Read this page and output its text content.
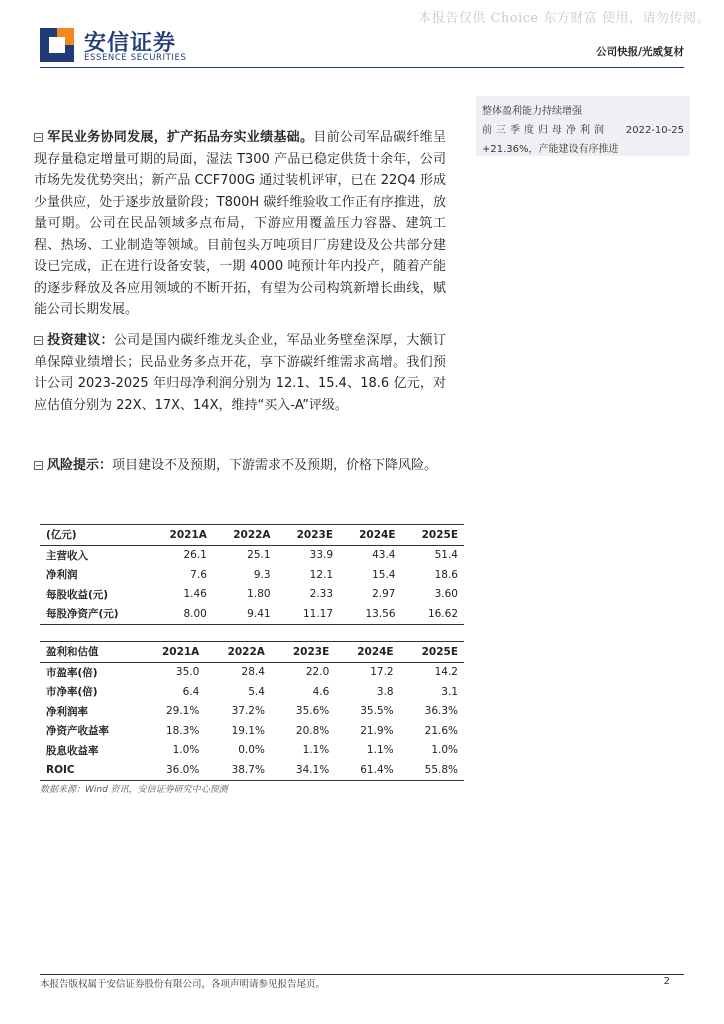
本报告仅供 Choice 东方财富 使用，请勿传阅。
安信证券
ESSENCE SECURITIES	公司快报/光威复材
整体盈利能力持续增强
前三季度归母净利润 2022-10-25
+21.36%，产能建设有序推进

军民业务协同发展，扩产拓品夯实业绩基础。目前公司军品碳纤维呈现存量稳定增量可期的局面，湿法 T300 产品已稳定供货十余年，公司市场先发优势突出；新产品 CCF700G 通过装机评审，已在 22Q4 形成少量供应，处于逐步放量阶段；T800H 碳纤维验收工作正有序推进，放量可期。公司在民品领域多点布局，下游应用覆盖压力容器、建筑工程、热场、工业制造等领域。目前包头万吨项目厂房建设及公共部分建设已完成，正在进行设备安装，一期 4000 吨预计年内投产，随着产能的逐步释放及各应用领域的不断开拓，有望为公司构筑新增长曲线，赋能公司长期发展。

投资建议：公司是国内碳纤维龙头企业，军品业务壁垒深厚，大额订单保障业绩增长；民品业务多点开花，享下游碳纤维需求高增。我们预计公司 2023-2025 年归母净利润分别为 12.1、15.4、18.6 亿元，对应估值分别为 22X、17X、14X，维持“买入-A”评级。

风险提示：项目建设不及预期，下游需求不及预期，价格下降风险。

(亿元)	2021A	2022A	2023E	2024E	2025E
主营收入	26.1	25.1	33.9	43.4	51.4
净利润	7.6	9.3	12.1	15.4	18.6
每股收益(元)	1.46	1.80	2.33	2.97	3.60
每股净资产(元)	8.00	9.41	11.17	13.56	16.62
盈利和估值	2021A	2022A	2023E	2024E	2025E
市盈率(倍)	35.0	28.4	22.0	17.2	14.2
市净率(倍)	6.4	5.4	4.6	3.8	3.1
净利润率	29.1%	37.2%	35.6%	35.5%	36.3%
净资产收益率	18.3%	19.1%	20.8%	21.9%	21.6%
股息收益率	1.0%	0.0%	1.1%	1.1%	1.0%
ROIC	36.0%	38.7%	34.1%	61.4%	55.8%
数据来源：Wind 资讯，安信证券研究中心预测
本报告版权属于安信证券股份有限公司，各项声明请参见报告尾页。	2
